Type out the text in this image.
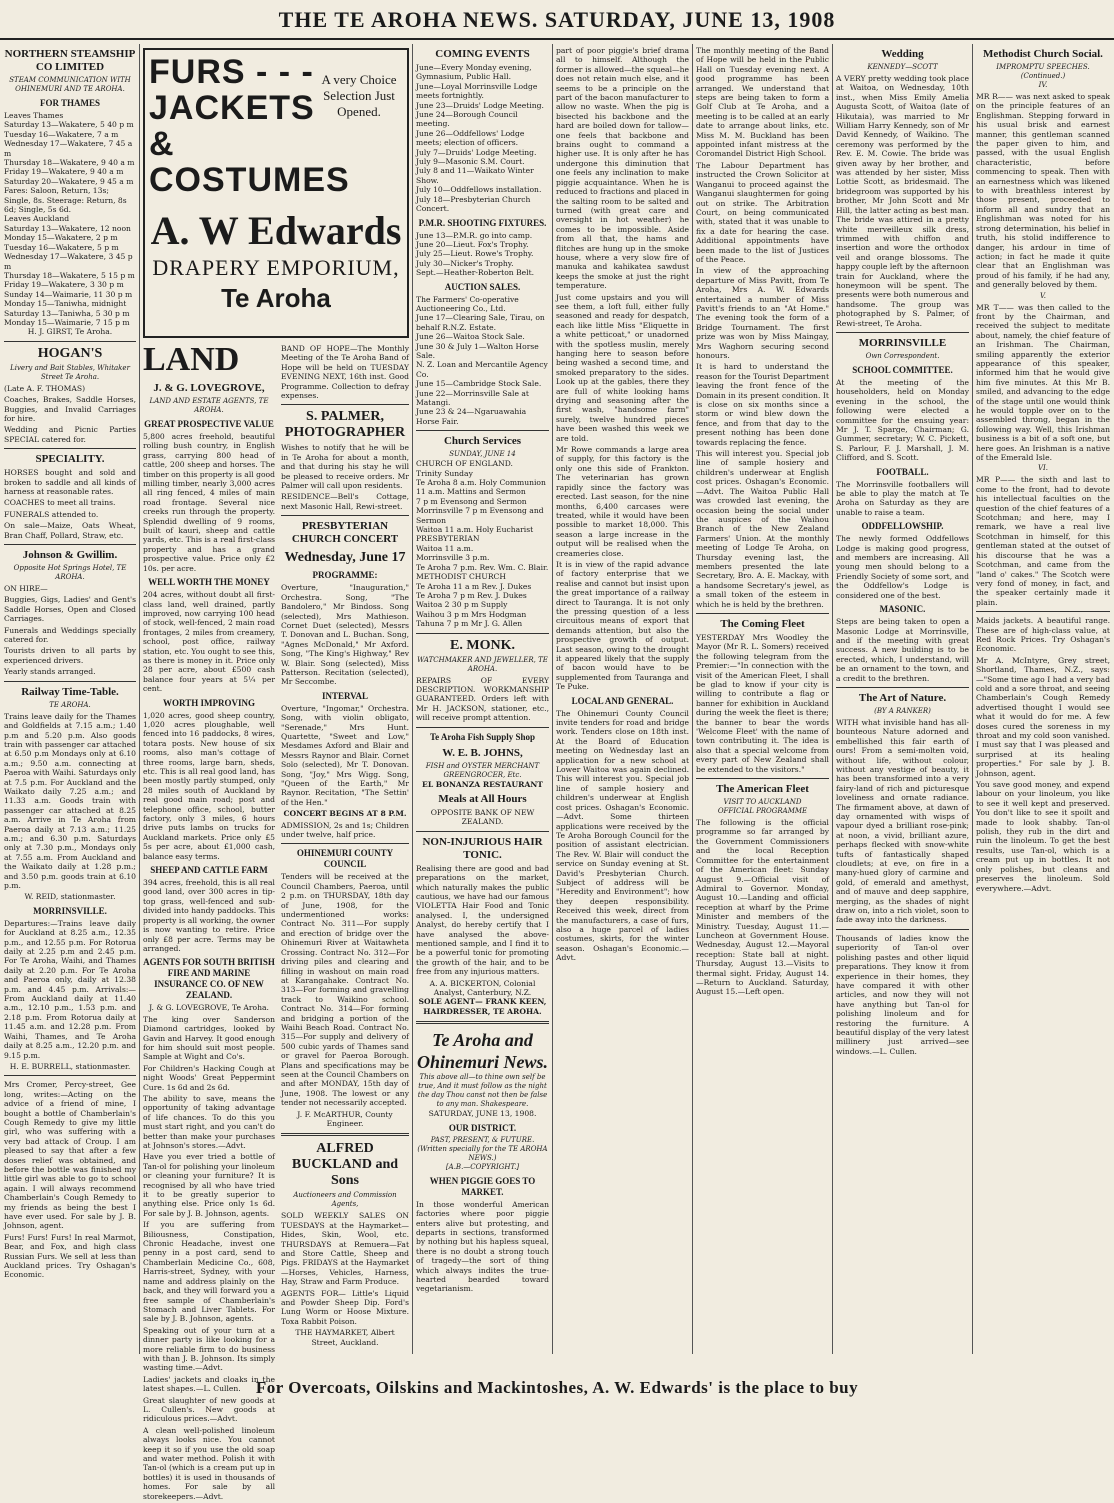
THE TE AROHA NEWS. SATURDAY, JUNE 13, 1908
NORTHERN STEAMSHIP CO LIMITED
STEAM COMMUNICATION WITH OHINEMURI AND TE AROHA.
FOR THAMES
Leaves Thames
Saturday 13—Wakatere, 5 40 p m
Tuesday 16—Wakatere, 7 a m
Wednesday 17—Wakatere, 7 45 a m
Thursday 18—Wakatere, 9 40 a m
Friday 19—Wakatere, 9 40 a m
Saturday 20—Wakatere, 9 45 a m
Fares: Saloon, Return, 13s; Single, 8s. Steerage: Return, 8s 6d; Single, 5s 6d.
Leaves Auckland
Saturday 13—Wakatere, 12 noon
Monday 15—Wakatere, 2 p m
Tuesday 16—Wakatere, 5 p m
Wednesday 17—Wakatere, 3 45 p m
Thursday 18—Wakatere, 5 15 p m
Friday 19—Wakatere, 3 30 p m
Sunday 14—Waimarie, 11 30 p m
Monday 15—Taniwha, midnight
Saturday 13—Taniwha, 5 30 p m
Monday 15—Waimarie, 7 15 p m
H. J. GIRST, Te Aroha.
HOGAN'S
Livery and Bait Stables, Whitaker Street Te Aroha.
(Late A. F. THOMAS)
Coaches, Brakes, Saddle Horses, Buggies, and Invalid Carriages for hire.
Wedding and Picnic Parties SPECIAL catered for.
SPECIALITY.
HORSES bought and sold and broken to saddle and all kinds of harness at reasonable rates.
COACHES to meet all trains.
FUNERALS attended to.
On sale—Maize, Oats Wheat, Bran Chaff, Pollard, Straw, etc.
Johnson & Gwillim.
Opposite Hot Springs Hotel, TE AROHA.
ON HIRE—
Buggies, Gigs, Ladies' and Gent's Saddle Horses, Open and Closed Carriages.
Funerals and Weddings specially catered for.
Tourists driven to all parts by experienced drivers.
Yearly stands arranged.
Railway Time-Table.
TE AROHA.
Trains leave daily for the Thames and Goldfields at 7.15 a.m.; 1.40 p.m and 5.20 p.m. Also goods train with passenger car attached at 6.50 p.m Mondays only at 6.10 a.m.; 9.50 a.m. connecting at Paeroa with Waihi. Saturdays only at 7.5 p.m. For Auckland and the Waikato daily 7.25 a.m.; and 11.33 a.m. Goods train with passenger car attached at 8.25 a.m. Arrive in Te Aroha from Paeroa daily at 7.13 a.m.; 11.25 a.m.; and 6.30 p.m. Saturdays only at 7.30 p.m., Mondays only at 7.55 a.m. From Auckland and the Waikato daily at 1.28 p.m.; and 3.50 p.m. goods train at 6.10 p.m.
W. REID, stationmaster.
MORRINSVILLE.
Departures:—Trains leave daily for Auckland at 8.25 a.m., 12.35 p.m., and 12.55 p.m. For Rotorua daily at 2.25 p.m and 2.45 p.m. For Te Aroha, Waihi, and Thames daily at 2.20 p.m. For Te Aroha and Paeroa only, daily at 12.38 p.m. and 4.45 p.m. Arrivals:—From Auckland daily at 11.40 a.m., 12.10 p.m., 1.53 p.m. and 2.18 p.m. From Rotorua daily at 11.45 a.m. and 12.28 p.m. From Waihi, Thames, and Te Aroha daily at 8.25 a.m., 12.20 p.m. and 9.15 p.m.
H. E. BURRELL, stationmaster.
Mrs Cromer, Percy-street, Gee long, writes:—Acting on the advice of a friend of mine, I bought a bottle of Chamberlain's Cough Remedy to give my little girl, who was suffering with a very bad attack of Croup. I am pleased to say that after a few doses relief was obtained, and before the bottle was finished my little girl was able to go to school again. I will always recommend Chamberlain's Cough Remedy to my friends as being the best I have ever used. For sale by J. B. Johnson, agent.
Furs! Furs! Furs! In real Marmot, Bear, and Fox, and high class Russian Furs. We sell at less than Auckland prices. Try Oshagan's Economic.
FURS - - - JACKETS & COSTUMES
A very Choice Selection Just Opened.
A. W Edwards
DRAPERY EMPORIUM,
Te Aroha
LAND
J. & G. LOVEGROVE,
LAND AND ESTATE AGENTS, TE AROHA.
GREAT PROSPECTIVE VALUE
5,800 acres freehold, beautiful rolling bush country, in English grass, carrying 800 head of cattle, 200 sheep and horses. The timber on this property is all good milling timber, nearly 3,000 acres all ring fenced, 4 miles of main road frontage. Several nice creeks run through the property. Splendid dwelling of 9 rooms, built of kauri, sheep and cattle yards, etc. This is a real first-class property and has a grand prospective value. Price only £2 10s. per acre.
WELL WORTH THE MONEY
204 acres, without doubt all first-class land, well drained, partly improved, now carrying 100 head of stock, well-fenced, 2 main road frontages, 2 miles from creamery, school, post office, railway station, etc. You ought to see this, as there is money in it. Price only 28 per acre, about £500 cash balance four years at 5¼ per cent.
WORTH IMPROVING
1,020 acres, good sheep country, 1,020 acres ploughable, well fenced into 16 paddocks, 8 wires, totara posts. New house of six rooms, also man's cottage of three rooms, large barn, sheds, etc. This is all real good land, has been mostly partly stumped, only 28 miles south of Auckland by real good main road; post and telephone office, school, butter factory, only 3 miles, 6 hours drive puts lambs on trucks for Auckland markets. Price only £5 5s per acre, about £1,000 cash, balance easy terms.
SHEEP AND CATTLE FARM
394 acres, freehold, this is all real good land, over 300 acres in tip-top grass, well-fenced and sub-divided into handy paddocks. This property is all working, the owner is now wanting to retire. Price only £8 per acre. Terms may be arranged.
AGENTS FOR SOUTH BRITISH FIRE AND MARINE INSURANCE CO. OF NEW ZEALAND.
J. & G. LOVEGROVE, Te Aroha.
The king over Sanderson Diamond cartridges, looked by Gavin and Harvey. It good enough for him should suit most people. Sample at Wight and Co's.
For Children's Hacking Cough at night Woods' Great Peppermint Cure. 1s 6d and 2s 6d.
The ability to save, means the opportunity of taking advantage of life chances. To do this you must start right, and you can't do better than make your purchases at Johnson's stores.—Advt.
Have you ever tried a bottle of Tan-ol for polishing your linoleum or cleaning your furniture? It is recognised by all who have tried it to be greatly superior to anything else. Price only 1s 6d. For sale by J. B. Johnson, agents.
If you are suffering from Biliousness, Constipation, Chronic Headache, invest one penny in a post card, send to Chamberlain Medicine Co., 608, Harris-street, Sydney, with your name and address plainly on the back, and they will forward you a free sample of Chamberlain's Stomach and Liver Tablets. For sale by J. B. Johnson, agents.
Speaking out of your turn at a dinner party is like looking for a more reliable firm to do business with than J. B. Johnson. Its simply wasting time.—Advt.
Ladies' jackets and cloaks in the latest shapes.—L. Cullen.
Great slaughter of new goods at L. Cullen's. New goods at ridiculous prices.—Advt.
A clean well-polished linoleum always looks nice. You cannot keep it so if you use the old soap and water method. Polish it with Tan-ol (which is a cream put up in bottles) it is used in thousands of homes. For sale by all storekeepers.—Advt.
BAND OF HOPE—The Monthly Meeting of the Te Aroha Band of Hope will be held on TUESDAY EVENING NEXT, 16th inst. Good Programme. Collection to defray expenses.
S. PALMER, PHOTOGRAPHER
Wishes to notify that he will be in Te Aroha for about a month, and that during his stay he will be pleased to receive orders. Mr Palmer will call upon residents.
RESIDENCE—Bell's Cottage, next Masonic Hall, Rewi-street.
PRESBYTERIAN CHURCH CONCERT
Wednesday, June 17
PROGRAMME:
Overture, "Inauguration," Orchestra. Song, "The Bandolero," Mr Bindoss. Song (selected), Mrs Mathieson. Cornet Duet (selected), Messrs T. Donovan and L. Buchan. Song, "Agnes McDonald," Mr Axford. Song, "The King's Highway," Rev W. Blair. Song (selected), Miss Patterson. Recitation (selected), Mr Seccombe.
INTERVAL
Overture, "Ingomar," Orchestra. Song, with violin obligato, "Serenade," Mrs Hunt. Quartette, "Sweet and Low," Mesdames Axford and Blair and Messrs Raynor and Blair. Cornet Solo (selected), Mr T. Donovan. Song, "Joy," Mrs Wigg. Song, "Queen of the Earth," Mr Raynor. Recitation, "The Settin' of the Hen."
CONCERT BEGINS AT 8 P.M.
ADMISSION, 2s and 1s; Children under twelve, half price.
OHINEMURI COUNTY COUNCIL
Tenders will be received at the Council Chambers, Paeroa, until 2 p.m. on THURSDAY, 18th day of June, 1908, for the undermentioned works: Contract No. 311—For supply and erection of bridge over the Ohinemuri River at Waitawheta Crossing. Contract No. 312—For driving piles and clearing and filling in washout on main road at Karangahake. Contract No. 313—For forming and gravelling track to Waikino school. Contract No. 314—For forming and bridging a portion of the Waihi Beach Road. Contract No. 315—For supply and delivery of 500 cubic yards of Thames sand or gravel for Paeroa Borough. Plans and specifications may be seen at the Council Chambers on and after MONDAY, 15th day of June, 1908. The lowest or any tender not necessarily accepted.
J. F. McARTHUR, County Engineer.
ALFRED BUCKLAND and Sons
Auctioneers and Commission Agents,
SOLD WEEKLY SALES ON TUESDAYS at the Haymarket—Hides, Skin, Wool, etc. THURSDAYS at Remuera—Fat and Store Cattle, Sheep and Pigs. FRIDAYS at the Haymarket—Horses, Vehicles, Harness, Hay, Straw and Farm Produce.
AGENTS FOR— Little's Liquid and Powder Sheep Dip. Ford's Lung Worm or Hoose Mixture. Toxa Rabbit Poison.
THE HAYMARKET, Albert Street, Auckland.
COMING EVENTS
June—Every Monday evening, Gymnasium, Public Hall.
June—Loyal Morrinsville Lodge meets fortnightly.
June 23—Druids' Lodge Meeting.
June 24—Borough Council meeting.
June 26—Oddfellows' Lodge meets; election of officers.
July 7—Druids' Lodge Meeting.
July 9—Masonic S.M. Court.
July 8 and 11—Waikato Winter Show.
July 10—Oddfellows installation.
July 18—Presbyterian Church Concert.
P.M.R. SHOOTING FIXTURES.
June 13—P.M.R. go into camp.
June 20—Lieut. Fox's Trophy.
July 25—Lieut. Rowe's Trophy.
July 30—Nicker's Trophy.
Sept.—Heather-Roberton Belt.
AUCTION SALES.
The Farmers' Co-operative Auctioneering Co., Ltd.
June 17—Clearing Sale, Tirau, on behalf R.N.Z. Estate.
June 26—Waitoa Stock Sale.
June 30 & July 1—Walton Horse Sale.
N. Z. Loan and Mercantile Agency Co.
June 15—Cambridge Stock Sale.
June 22—Morrinsville Sale at Matangi.
June 23 & 24—Ngaruawahia Horse Fair.
Church Services
SUNDAY, JUNE 14
CHURCH OF ENGLAND.
Trinity Sunday
Te Aroha 8 a.m. Holy Communion
11 a.m. Mattins and Sermon
7 p m Evensong and Sermon
Morrinsville 7 p m Evensong and Sermon
Waitoa 11 a.m. Holy Eucharist
PRESBYTERIAN
Waitoa 11 a.m.
Morrinsville 3 p.m.
Te Aroha 7 p.m. Rev. Wm. C. Blair.
METHODIST CHURCH
Te Aroha 11 a m Rev. J. Dukes
Te Aroha 7 p m Rev. J. Dukes
Waitoa 2 30 p m Supply
Waihou 3 p m Mrs Hodgman
Tahuna 7 p m Mr J. G. Allen
E. MONK.
WATCHMAKER AND JEWELLER, TE AROHA.
REPAIRS OF EVERY DESCRIPTION. WORKMANSHIP GUARANTEED. Orders left with Mr H. JACKSON, stationer, etc., will receive prompt attention.
Te Aroha Fish Supply Shop
W. E. B. JOHNS,
FISH and OYSTER MERCHANT GREENGROCER, Etc.
EL BONANZA RESTAURANT
Meals at All Hours
OPPOSITE BANK OF NEW ZEALAND.
NON-INJURIOUS HAIR TONIC.
Realising there are good and bad preparations on the market, which naturally makes the public cautious, we have had our famous VIOLETTA Hair Food and Tonic analysed. I, the undersigned Analyst, do hereby certify that I have analysed the above-mentioned sample, and I find it to be a powerful tonic for promoting the growth of the hair, and to be free from any injurious matters.
A. A. BICKERTON, Colonial Analyst, Canterbury, N.Z.
SOLE AGENT— FRANK KEEN, HAIRDRESSER, TE AROHA.
Te Aroha and Ohinemuri News.
This above all—to thine own self be true, And it must follow as the night the day Thou canst not then be false to any man. Shakespeare.
SATURDAY, JUNE 13, 1908.
OUR DISTRICT.
PAST, PRESENT, & FUTURE. (Written specially for the TE AROHA NEWS.)
[A.B.—COPYRIGHT.]
WHEN PIGGIE GOES TO MARKET.
In those wonderful American factories where poor piggie enters alive but protesting, and departs in sections, transformed by nothing but his hapless squeal, there is no doubt a strong touch of tragedy—the sort of thing which always indites the true-hearted bearded toward vegetarianism.
part of poor piggie's brief drama all to himself. Although the former is allowed—the squeal—he does not retain much else, and it seems to be a principle on the part of the bacon manufacturer to allow no waste. When the pig is bisected his backbone and the hard are boiled down for tallow—one feels that backbone and brains ought to command a higher use. It is only after he has undergone this diminution that one feels any inclination to make piggie acquaintance. When he is reduced to fractions and placed in the salting room to be salted and turned (with great care and oversight in hot weather) he comes to be impossible. Aside from all that, the hams and flitches are hung up in the smoke house, where a very slow fire of manuka and kahikatea sawdust keeps the smoke at just the right temperature.
Just come upstairs and you will see them, a loft full, either fully seasoned and ready for despatch, each like little Miss "Eliquette in a white petticoat," or unadorned with the spotless muslin, merely hanging here to season before being washed a second time, and smoked preparatory to the sides. Look up at the gables, there they are full of white looking hams drying and seasoning after the first wash, "handsome farm" surely, twelve hundred pieces have been washed this week we are told.
Mr Rowe commands a large area of supply, for this factory is the only one this side of Frankton. The veterinarian has grown rapidly since the factory was erected. Last season, for the nine months, 6,400 carcases were treated, while it would have been possible to market 18,000. This season a large increase in the output will be realised when the creameries close.
It is in view of the rapid advance of factory enterprise that we realise and cannot but insist upon the great importance of a railway direct to Tauranga. It is not only the pressing question of a less circuitous means of export that demands attention, but also the prospective growth of output. Last season, owing to the drought it appeared likely that the supply of bacon would have to be supplemented from Tauranga and Te Puke.
LOCAL AND GENERAL.
The Ohinemuri County Council invite tenders for road and bridge work. Tenders close on 18th inst. At the Board of Education meeting on Wednesday last an application for a new school at Lower Waitoa was again declined. This will interest you. Special job line of sample hosiery and children's underwear at English cost prices. Oshagan's Economic.—Advt. Some thirteen applications were received by the Te Aroha Borough Council for the position of assistant electrician. The Rev. W. Blair will conduct the service on Sunday evening at St. David's Presbyterian Church. Subject of address will be "Heredity and Environment"; how they deepen responsibility. Received this week, direct from the manufacturers, a case of furs, also a huge parcel of ladies costumes, skirts, for the winter season. Oshagan's Economic.—Advt.
The monthly meeting of the Band of Hope will be held in the Public Hall on Tuesday evening next. A good programme has been arranged. We understand that steps are being taken to form a Golf Club at Te Aroha, and a meeting is to be called at an early date to arrange about links, etc. Miss M. M. Buckland has been appointed infant mistress at the Coromandel District High School.
The Labour Department has instructed the Crown Solicitor at Wanganui to proceed against the Wanganui slaughtermen for going out on strike. The Arbitration Court, on being communicated with, stated that it was unable to fix a date for hearing the case. Additional appointments have been made to the list of Justices of the Peace.
In view of the approaching departure of Miss Pavitt, from Te Aroha, Mrs A. W. Edwards entertained a number of Miss Pavitt's friends to an "At Home." The evening took the form of a Bridge Tournament. The first prize was won by Miss Maingay, Mrs Waghorn securing second honours.
It is hard to understand the reason for the Tourist Department leaving the front fence of the Domain in its present condition. It is close on six months since a storm or wind blew down the fence, and from that day to the present nothing has been done towards replacing the fence.
This will interest you. Special job line of sample hosiery and children's underwear at English cost prices. Oshagan's Economic.—Advt. The Waitoa Public Hall was crowded last evening, the occasion being the social under the auspices of the Waihou Branch of the New Zealand Farmers' Union. At the monthly meeting of Lodge Te Aroha, on Thursday evening last, the members presented the late Secretary, Bro. A. E. Mackay, with a handsome Secretary's jewel, as a small token of the esteem in which he is held by the brethren.
The Coming Fleet
YESTERDAY Mrs Woodley the Mayor (Mr R. L. Somers) received the following telegram from the Premier:—"In connection with the visit of the American Fleet, I shall be glad to know if your city is willing to contribute a flag or banner for exhibition in Auckland during the week the fleet is there; the banner to bear the words 'Welcome Fleet' with the name of town contributing it. The idea is also that a special welcome from every part of New Zealand shall be extended to the visitors."
The American Fleet
VISIT TO AUCKLAND
OFFICIAL PROGRAMME
The following is the official programme so far arranged by the Government Commissioners and the local Reception Committee for the entertainment of the American fleet: Sunday August 9.—Official visit of Admiral to Governor. Monday, August 10.—Landing and official reception at wharf by the Prime Minister and members of the Ministry. Tuesday, August 11.—Luncheon at Government House. Wednesday, August 12.—Mayoral reception: State ball at night. Thursday, August 13.—Visits to thermal sight. Friday, August 14.—Return to Auckland. Saturday, August 15.—Left open.
Wedding
KENNEDY—SCOTT
A VERY pretty wedding took place at Waitoa, on Wednesday, 10th inst., when Miss Emily Amelia Augusta Scott, of Waitoa (late of Hikutaia), was married to Mr William Harry Kennedy, son of Mr David Kennedy, of Waikino. The ceremony was performed by the Rev. E. M. Cowie. The bride was given away by her brother, and was attended by her sister, Miss Lottie Scott, as bridesmaid. The bridegroom was supported by his brother, Mr John Scott and Mr Hill, the latter acting as best man. The bride was attired in a pretty white merveilleux silk dress, trimmed with chiffon and insertion and wore the orthodox veil and orange blossoms. The happy couple left by the afternoon train for Auckland, where the honeymoon will be spent. The presents were both numerous and handsome. The group was photographed by S. Palmer, of Rewi-street, Te Aroha.
MORRINSVILLE
Own Correspondent.
SCHOOL COMMITTEE.
At the meeting of the householders, held on Monday evening in the school, the following were elected a committee for the ensuing year: Mr J. T. Sparge, Chairman; G. Gummer, secretary; W. C. Pickett, S. Parlour, F. J. Marshall, J. M. Clifford, and S. Scott.
FOOTBALL.
The Morrinsville footballers will be able to play the match at Te Aroha on Saturday as they are unable to raise a team.
ODDFELLOWSHIP.
The newly formed Oddfellows Lodge is making good progress, and members are increasing. All young men should belong to a Friendly Society of some sort, and the Oddfellow's Lodge is considered one of the best.
MASONIC.
Steps are being taken to open a Masonic Lodge at Morrinsville, and if the meeting with great success. A new building is to be erected, which, I understand, will be an ornament to the town, and a credit to the brethren.
The Art of Nature.
(BY A RANKER)
WITH what invisible hand has all-bounteous Nature adorned and embellished this fair earth of ours! From a semi-molten void, without life, without colour, without any vestige of beauty, it has been transformed into a very fairy-land of rich and picturesque loveliness and ornate radiance. The firmament above, at dawn of day ornamented with wisps of vapour dyed a brilliant rose-pink; at noon, a vivid, brilliant azure, perhaps flecked with snow-white tufts of fantastically shaped cloudlets; at eve, on fire in a many-hued glory of carmine and gold, of emerald and amethyst, and of mauve and deep sapphire, merging, as the shades of night draw on, into a rich violet, soon to fade away into the darkness.
Thousands of ladies know the superiority of Tan-ol over polishing pastes and other liquid preparations. They know it from experience in their homes, they have compared it with other articles, and now they will not have anything but Tan-ol for polishing linoleum and for restoring the furniture. A beautiful display of the very latest millinery just arrived—see windows.—L. Cullen.
Methodist Church Social.
IMPROMPTU SPEECHES.
(Continued.)
IV.
MR R—— was next asked to speak on the principle features of an Englishman. Stepping forward in his usual brisk and earnest manner, this gentleman scanned the paper given to him, and passed, with the usual English characteristic, before commencing to speak. Then with an earnestness which was likened to with breathless interest by those present, proceeded to inform all and sundry that an Englishman was noted for his strong determination, his belief in truth, his stolid indifference to danger, his ardour in time of action; in fact he made it quite clear that an Englishman was proud of his family, if he had any, and generally beloved by them.
V.
MR T—— was then called to the front by the Chairman, and received the subject to meditate about, namely, the chief feature of an Irishman. The Chairman, smiling apparently the exterior appearance of this speaker, informed him that he would give him five minutes. At this Mr B. smiled, and advancing to the edge of the stage until one would think he would topple over on to the assembled throng, began in the following way. Well, this Irishman business is a bit of a soft one, but here goes. An Irishman is a native of the Emerald Isle.
VI.
MR P—— the sixth and last to come to the front, had to devote his intellectual faculties on the question of the chief features of a Scotchman; and here, may I remark, we have a real live Scotchman in himself, for this gentleman stated at the outset of his discourse that he was a Scotchman, and came from the "land o' cakes." The Scotch were very fond of money, in fact, and the speaker certainly made it plain.
Maids jackets. A beautiful range. These are of high-class value, at Red Rock Prices. Try Oshagan's Economic.
Mr A. McIntyre, Grey street, Shortland, Thames, N.Z., says:—"Some time ago I had a very bad cold and a sore throat, and seeing Chamberlain's Cough Remedy advertised thought I would see what it would do for me. A few doses cured the soreness in my throat and my cold soon vanished. I must say that I was pleased and surprised at its healing properties." For sale by J. B. Johnson, agent.
You save good money, and expend labour on your linoleum, you like to see it well kept and preserved. You don't like to see it spoilt and made to look shabby. Tan-ol polish, they rub in the dirt and ruin the linoleum. To get the best results, use Tan-ol, which is a cream put up in bottles. It not only polishes, but cleans and preserves the linoleum. Sold everywhere.—Advt.
For Overcoats, Oilskins and Mackintoshes, A. W. Edwards' is the place to buy
